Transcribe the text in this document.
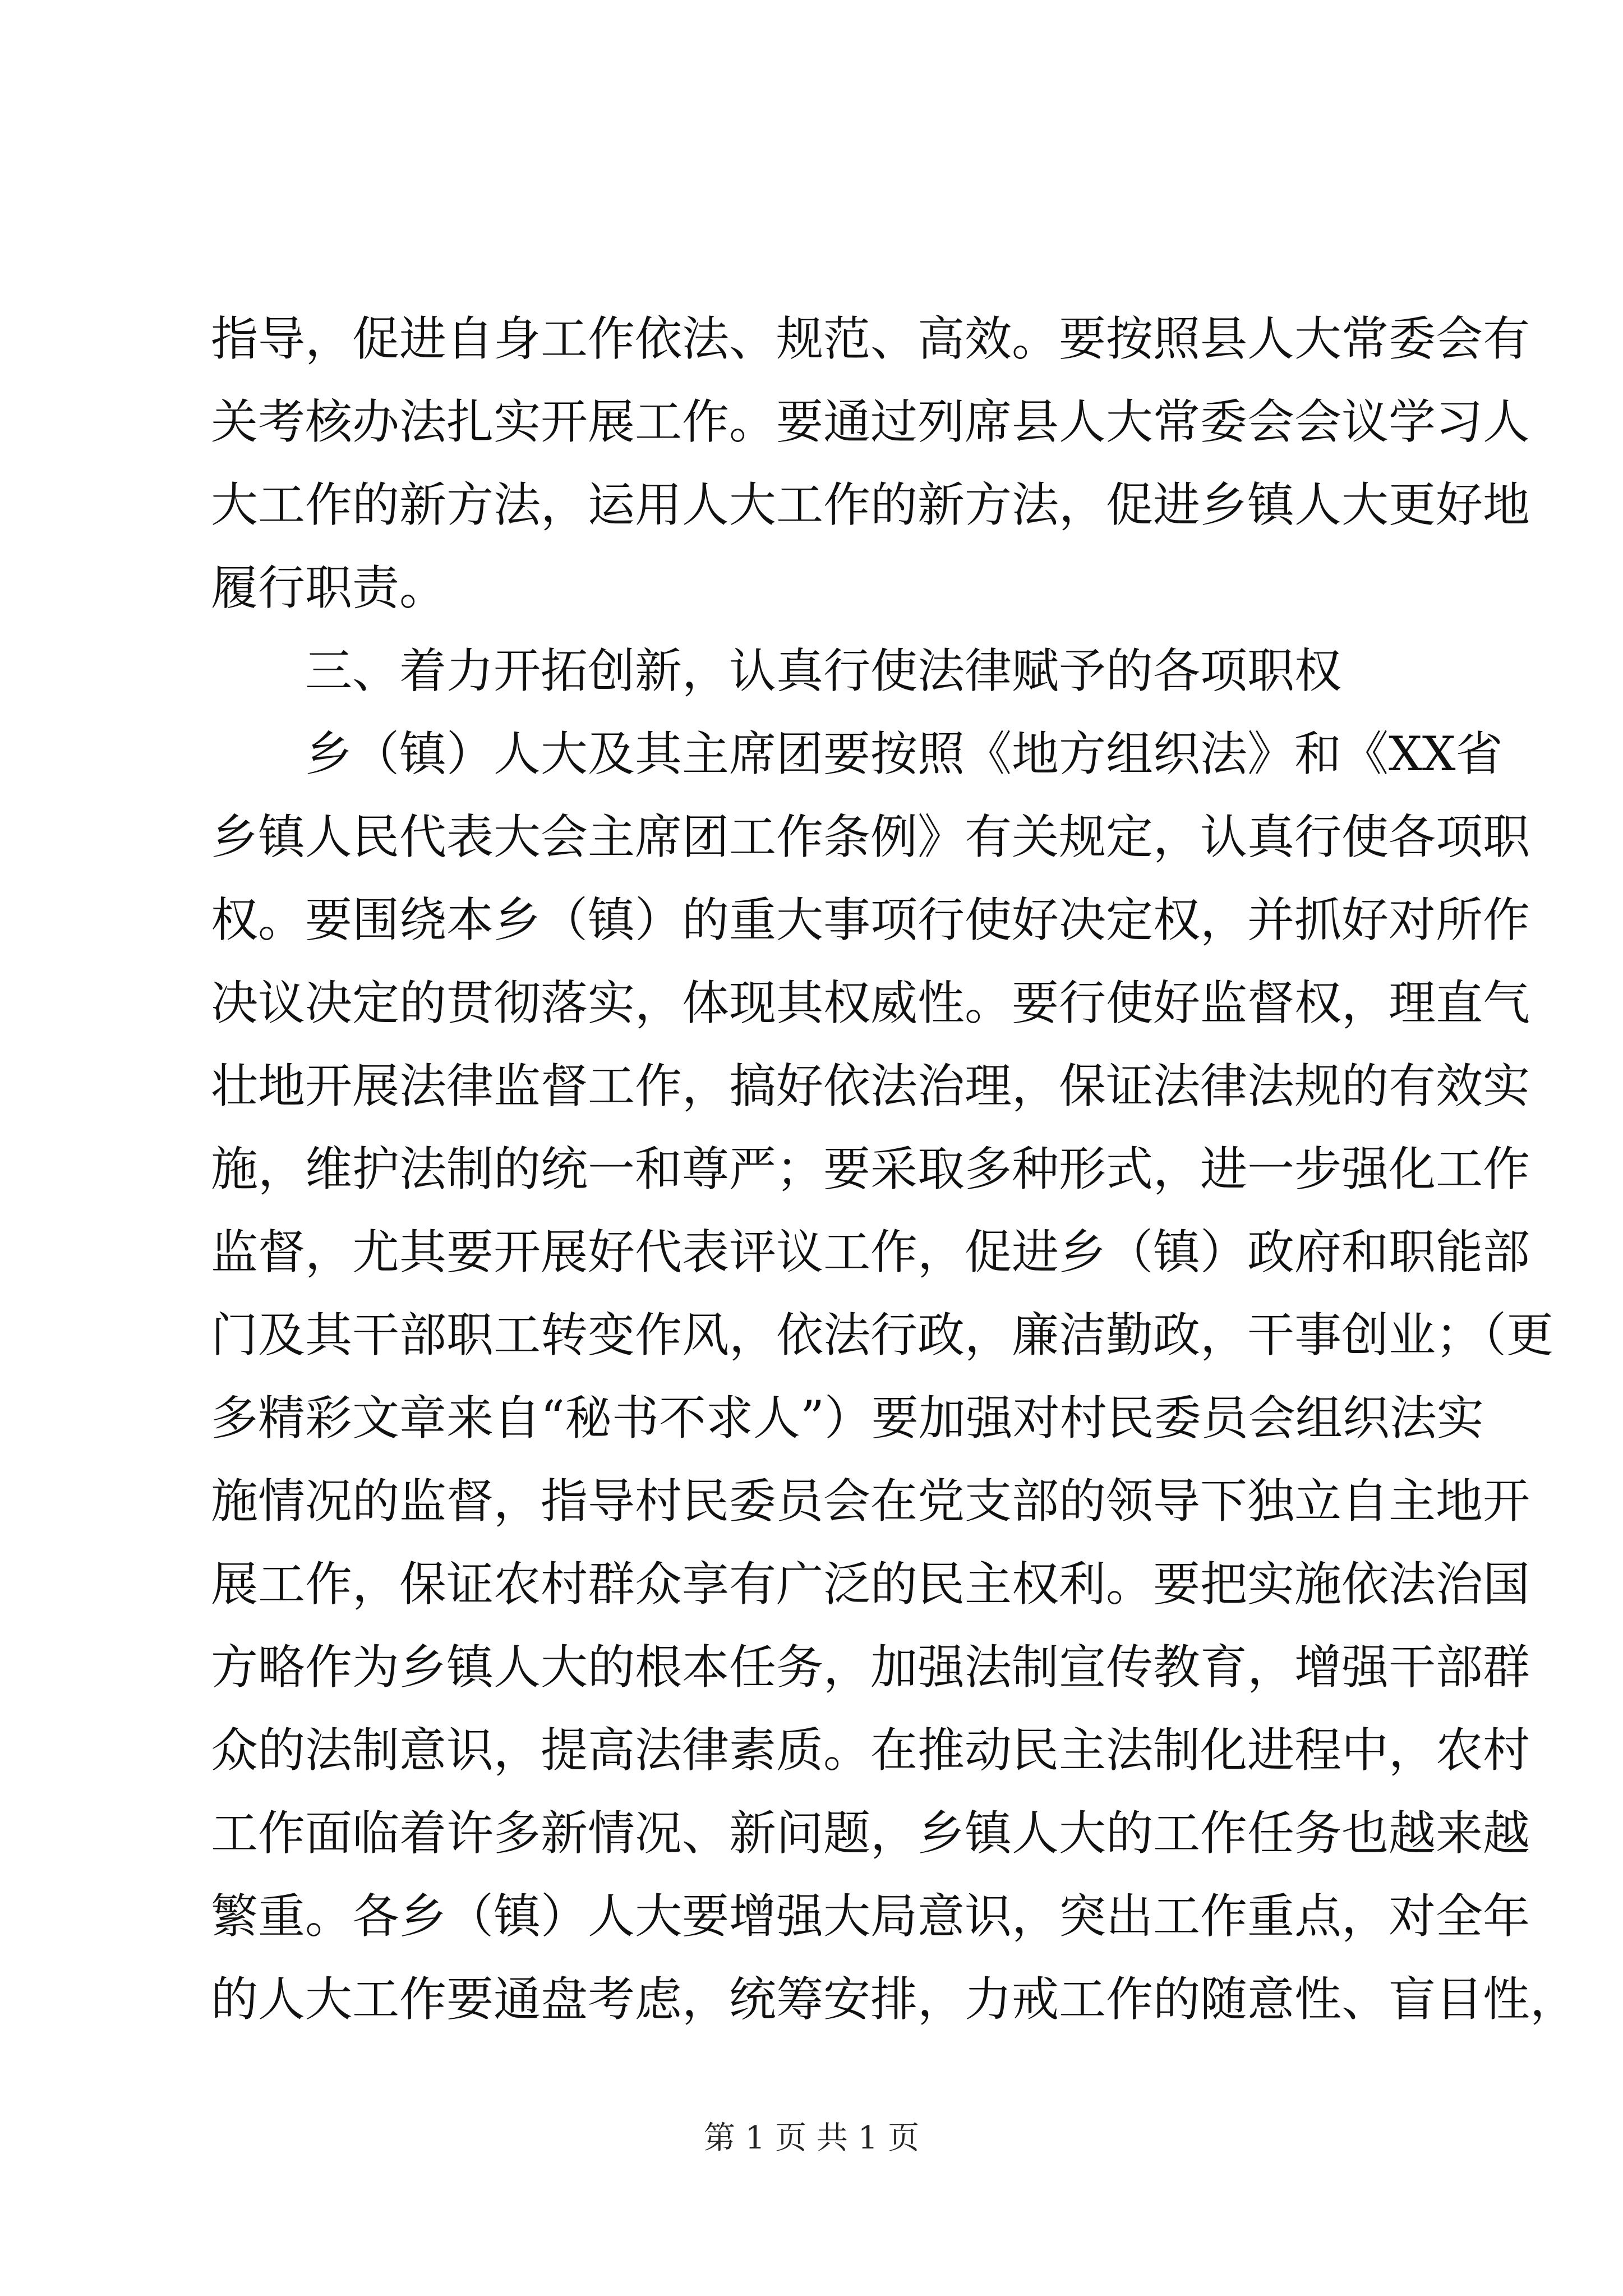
指导，促进自身工作依法、规范、高效。要按照县人大常委会有
关考核办法扎实开展工作。要通过列席县人大常委会会议学习人
大工作的新方法，运用人大工作的新方法，促进乡镇人大更好地
履行职责。
三、着力开拓创新，认真行使法律赋予的各项职权
乡（镇）人大及其主席团要按照《地方组织法》和《XX省
乡镇人民代表大会主席团工作条例》有关规定，认真行使各项职
权。要围绕本乡（镇）的重大事项行使好决定权，并抓好对所作
决议决定的贯彻落实，体现其权威性。要行使好监督权，理直气
壮地开展法律监督工作，搞好依法治理，保证法律法规的有效实
施，维护法制的统一和尊严；要采取多种形式，进一步强化工作
监督，尤其要开展好代表评议工作，促进乡（镇）政府和职能部
门及其干部职工转变作风，依法行政，廉洁勤政，干事创业；（更
多精彩文章来自“秘书不求人”）要加强对村民委员会组织法实
施情况的监督，指导村民委员会在党支部的领导下独立自主地开
展工作，保证农村群众享有广泛的民主权利。要把实施依法治国
方略作为乡镇人大的根本任务，加强法制宣传教育，增强干部群
众的法制意识，提高法律素质。在推动民主法制化进程中，农村
工作面临着许多新情况、新问题，乡镇人大的工作任务也越来越
繁重。各乡（镇）人大要增强大局意识，突出工作重点，对全年
的人大工作要通盘考虑，统筹安排，力戒工作的随意性、盲目性，
第 1 页 共 1 页
